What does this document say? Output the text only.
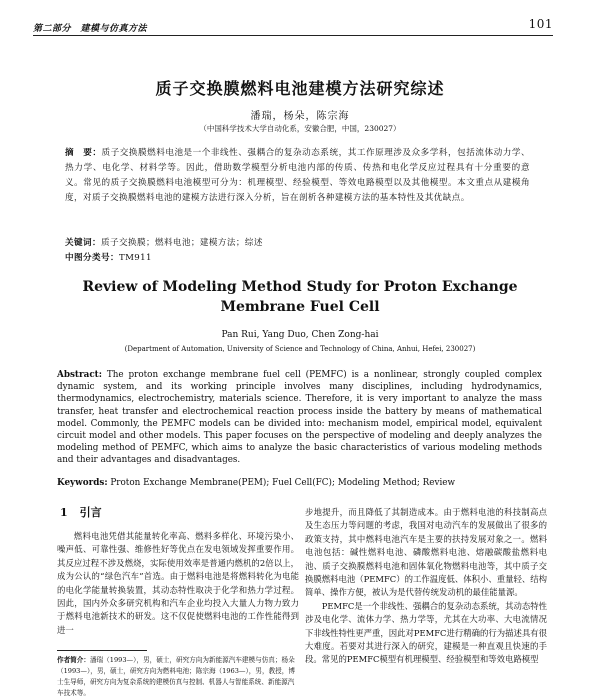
第二部分　建模与仿真方法	101
质子交换膜燃料电池建模方法研究综述
潘瑞，杨朵，陈宗海
（中国科学技术大学自动化系，安徽合肥，中国，230027）
摘　要：质子交换膜燃料电池是一个非线性、强耦合的复杂动态系统，其工作原理涉及众多学科，包括流体动力学、热力学、电化学、材料学等。因此，借助数学模型分析电池内部的传质、传热和电化学反应过程具有十分重要的意义。常见的质子交换膜燃料电池模型可分为：机理模型、经验模型、等效电路模型以及其他模型。本文重点从建模角度，对质子交换膜燃料电池的建模方法进行深入分析，旨在剖析各种建模方法的基本特性及其优缺点。
关键词：质子交换膜；燃料电池；建模方法；综述
中图分类号：TM911
Review of Modeling Method Study for Proton Exchange
Membrane Fuel Cell
Pan Rui, Yang Duo, Chen Zong-hai
(Department of Automation, University of Science and Technology of China, Anhui, Hefei, 230027)
Abstract: The proton exchange membrane fuel cell (PEMFC) is a nonlinear, strongly coupled complex dynamic system, and its working principle involves many disciplines, including hydrodynamics, thermodynamics, electrochemistry, materials science. Therefore, it is very important to analyze the mass transfer, heat transfer and electrochemical reaction process inside the battery by means of mathematical model. Commonly, the PEMFC models can be divided into: mechanism model, empirical model, equivalent circuit model and other models. This paper focuses on the perspective of modeling and deeply analyzes the modeling method of PEMFC, which aims to analyze the basic characteristics of various modeling methods and their advantages and disadvantages.
Keywords: Proton Exchange Membrane(PEM); Fuel Cell(FC); Modeling Method; Review
1 引言
燃料电池凭借其能量转化率高、燃料多样化、环境污染小、噪声低、可靠性强、维修性好等优点在发电领域发挥重要作用。其反应过程不涉及燃烧，实际使用效率是普通内燃机的2倍以上，成为公认的“绿色汽车”首选。由于燃料电池是将燃料转化为电能的电化学能量转换装置，其动态特性取决于化学和热力学过程。因此，国内外众多研究机构和汽车企业均投入大量人力物力致力于燃料电池新技术的研发。这不仅促使燃料电池的工作性能得到进一

步地提升，而且降低了其制造成本。由于燃料电池的科技制高点及生态压力等问题的考虑，我国对电动汽车的发展做出了很多的政策支持，其中燃料电池汽车是主要的扶持发展对象之一。燃料电池包括：碱性燃料电池、磷酸燃料电池、熔融碳酸盐燃料电池、质子交换膜燃料电池和固体氧化物燃料电池等，其中质子交换膜燃料电池（PEMFC）的工作温度低、体积小、重量轻、结构简单、操作方便，被认为是代替传统发动机的最佳能量源。

PEMFC是一个非线性、强耦合的复杂动态系统，其动态特性涉及电化学、流体力学、热力学等，尤其在大功率、大电流情况下非线性特性更严重，因此对PEMFC进行精确的行为描述具有很大难度。若要对其进行深入的研究，建模是一种直观且快速的手段。常见的PEMFC模型有机理模型、经验模型和等效电路模型

作者简介：潘瑞（1993—），男，硕士，研究方向为新能源汽车建模与仿真；杨朵（1993—），男，硕士，研究方向为燃料电池；陈宗海（1963—），男，教授，博士生导师，研究方向为复杂系统的建模仿真与控制、机器人与智能系统、新能源汽车技术等。
